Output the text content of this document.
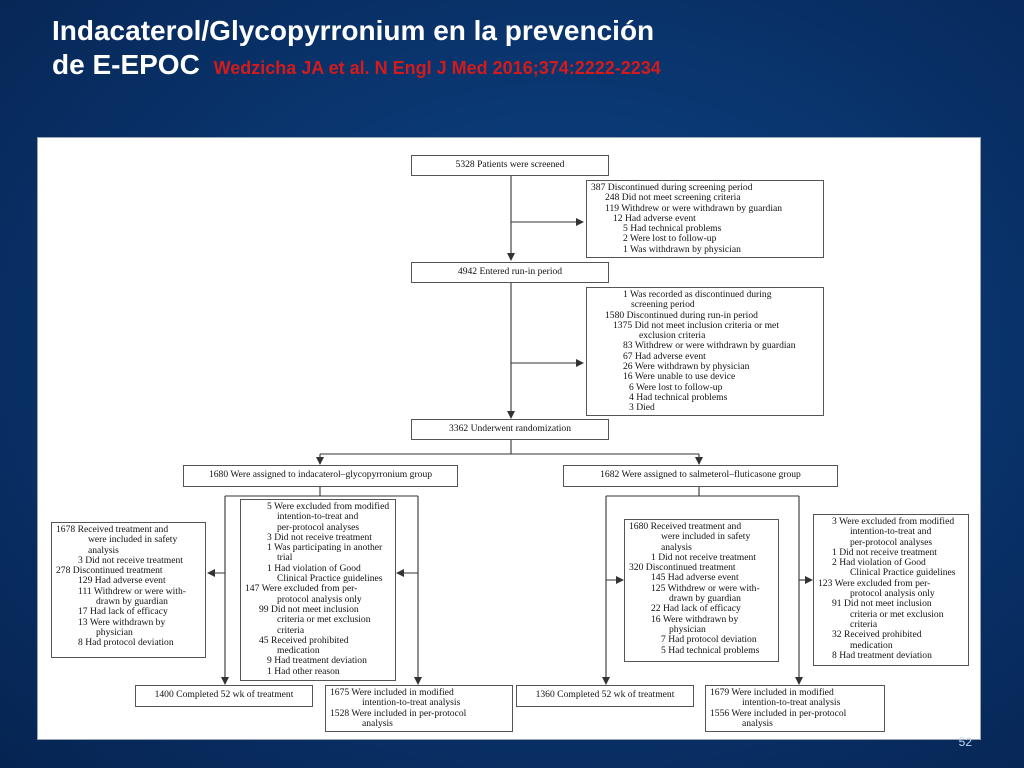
Indacaterol/Glycopyrronium en la prevención
de E-EPOC Wedzicha JA et al. N Engl J Med 2016;374:2222-2234
5328 Patients were screened
387 Discontinued during screening period
248 Did not meet screening criteria
119 Withdrew or were withdrawn by guardian
12 Had adverse event
5 Had technical problems
2 Were lost to follow-up
1 Was withdrawn by physician
4942 Entered run-in period
1 Was recorded as discontinued during
screening period
1580 Discontinued during run-in period
1375 Did not meet inclusion criteria or met
exclusion criteria
83 Withdrew or were withdrawn by guardian
67 Had adverse event
26 Were withdrawn by physician
16 Were unable to use device
6 Were lost to follow-up
4 Had technical problems
3 Died
3362 Underwent randomization
1680 Were assigned to indacaterol–glycopyrronium group	1682 Were assigned to salmeterol–fluticasone group
1678 Received treatment and
were included in safety
analysis
3 Did not receive treatment
278 Discontinued treatment
129 Had adverse event
111 Withdrew or were with-
drawn by guardian
17 Had lack of efficacy
13 Were withdrawn by
physician
8 Had protocol deviation
5 Were excluded from modified
intention-to-treat and
per-protocol analyses
3 Did not receive treatment
1 Was participating in another
trial
1 Had violation of Good
Clinical Practice guidelines
147 Were excluded from per-
protocol analysis only
99 Did not meet inclusion
criteria or met exclusion
criteria
45 Received prohibited
medication
9 Had treatment deviation
1 Had other reason
1680 Received treatment and
were included in safety
analysis
1 Did not receive treatment
320 Discontinued treatment
145 Had adverse event
125 Withdrew or were with-
drawn by guardian
22 Had lack of efficacy
16 Were withdrawn by
physician
7 Had protocol deviation
5 Had technical problems
3 Were excluded from modified
intention-to-treat and
per-protocol analyses
1 Did not receive treatment
2 Had violation of Good
Clinical Practice guidelines
123 Were excluded from per-
protocol analysis only
91 Did not meet inclusion
criteria or met exclusion
criteria
32 Received prohibited
medication
8 Had treatment deviation
1400 Completed 52 wk of treatment	1675 Were included in modified
intention-to-treat analysis
1528 Were included in per-protocol
analysis
1360 Completed 52 wk of treatment	1679 Were included in modified
intention-to-treat analysis
1556 Were included in per-protocol
analysis
52
